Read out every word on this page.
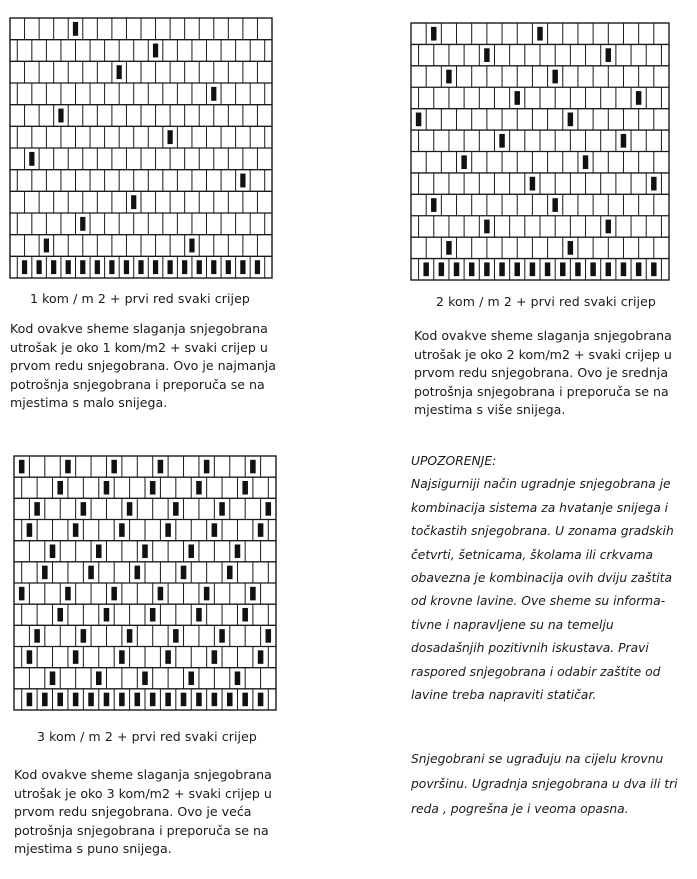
1 kom / m 2 + prvi red svaki crijep
Kod ovakve sheme slaganja snjegobrana
utrošak je oko 1 kom/m2 + svaki crijep u
prvom redu snjegobrana. Ovo je najmanja
potrošnja snjegobrana i preporuča se na
mjestima s malo snijega.
2 kom / m 2 + prvi red svaki crijep
Kod ovakve sheme slaganja snjegobrana
utrošak je oko 2 kom/m2 + svaki crijep u
prvom redu snjegobrana. Ovo je srednja
potrošnja snjegobrana i preporuča se na
mjestima s više snijega.
3 kom / m 2 + prvi red svaki crijep
Kod ovakve sheme slaganja snjegobrana
utrošak je oko 3 kom/m2 + svaki crijep u
prvom redu snjegobrana. Ovo je veća
potrošnja snjegobrana i preporuča se na
mjestima s puno snijega.
UPOZORENJE:
Najsigurniji način ugradnje snjegobrana je
kombinacija sistema za hvatanje snijega i
točkastih snjegobrana. U zonama gradskih
četvrti, šetnicama, školama ili crkvama
obavezna je kombinacija ovih dviju zaštita
od krovne lavine. Ove sheme su informa-
tivne i napravljene su na temelju
dosadašnjih pozitivnih iskustava. Pravi
raspored snjegobrana i odabir zaštite od
lavine treba napraviti statičar.
Snjegobrani se ugrađuju na cijelu krovnu
površinu. Ugradnja snjegobrana u dva ili tri
reda , pogrešna je i veoma opasna.
